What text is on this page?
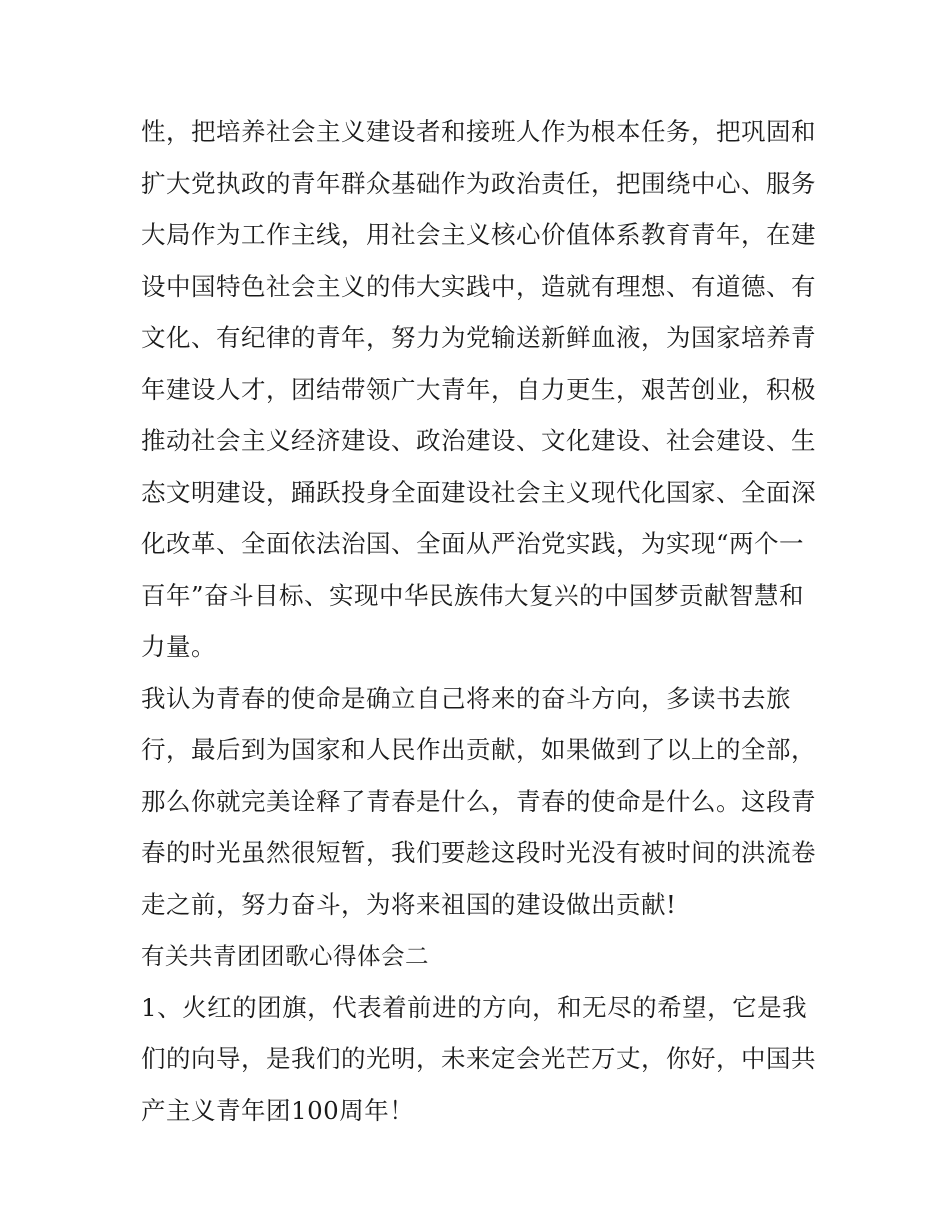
性，把培养社会主义建设者和接班人作为根本任务，把巩固和
扩大党执政的青年群众基础作为政治责任，把围绕中心、服务
大局作为工作主线，用社会主义核心价值体系教育青年，在建
设中国特色社会主义的伟大实践中，造就有理想、有道德、有
文化、有纪律的青年，努力为党输送新鲜血液，为国家培养青
年建设人才，团结带领广大青年，自力更生，艰苦创业，积极
推动社会主义经济建设、政治建设、文化建设、社会建设、生
态文明建设，踊跃投身全面建设社会主义现代化国家、全面深
化改革、全面依法治国、全面从严治党实践，为实现“两个一
百年”奋斗目标、实现中华民族伟大复兴的中国梦贡献智慧和
力量。
我认为青春的使命是确立自己将来的奋斗方向，多读书去旅
行，最后到为国家和人民作出贡献，如果做到了以上的全部，
那么你就完美诠释了青春是什么，青春的使命是什么。这段青
春的时光虽然很短暂，我们要趁这段时光没有被时间的洪流卷
走之前，努力奋斗，为将来祖国的建设做出贡献!
有关共青团团歌心得体会二
1、火红的团旗，代表着前进的方向，和无尽的希望，它是我
们的向导，是我们的光明，未来定会光芒万丈，你好，中国共
产主义青年团100周年！
